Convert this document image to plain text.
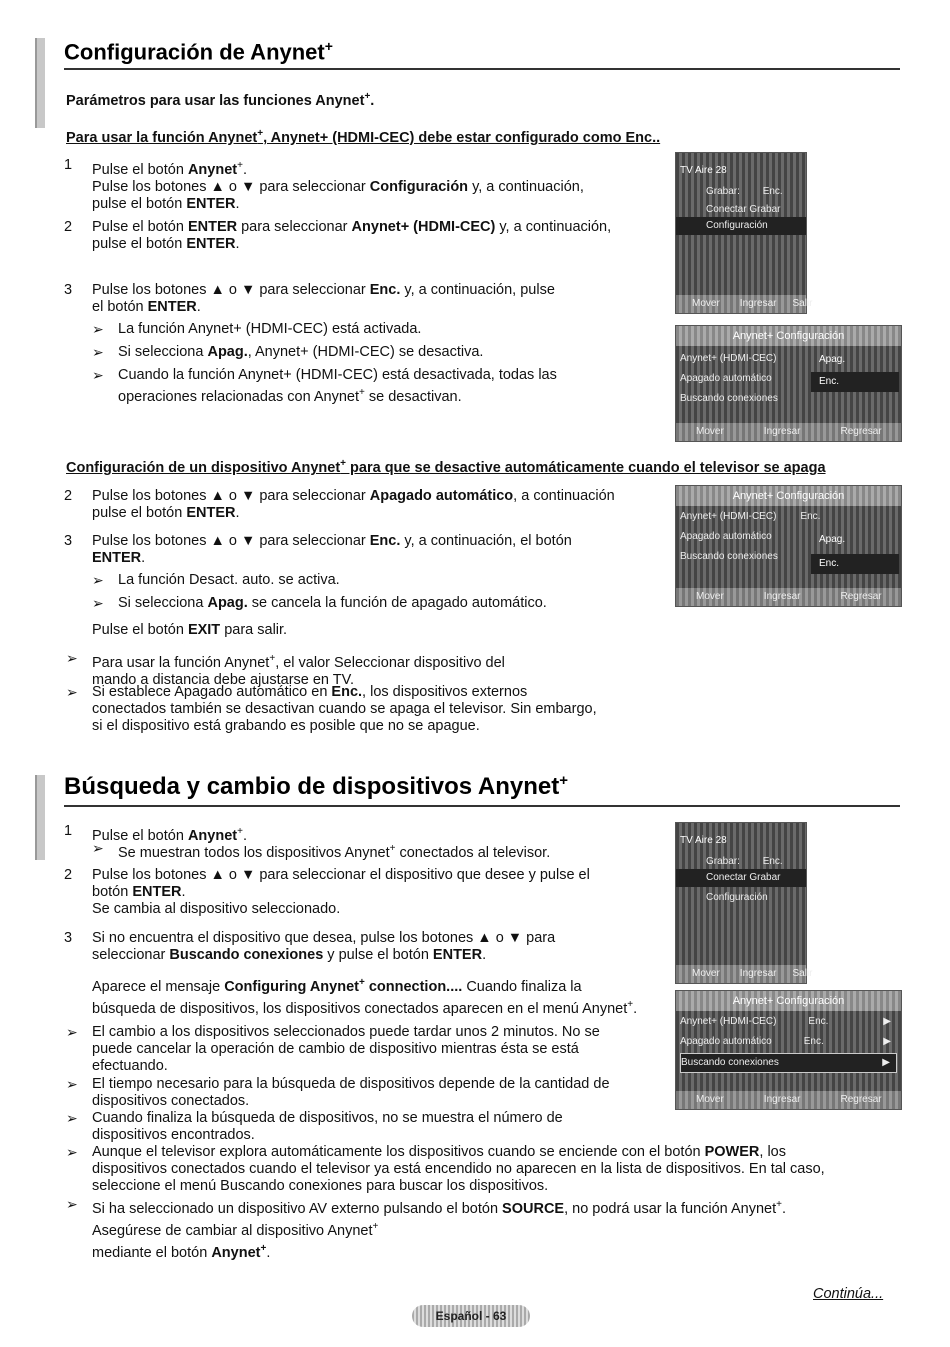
Configuración de Anynet+
Parámetros para usar las funciones Anynet+.
Para usar la función Anynet+, Anynet+ (HDMI-CEC) debe estar configurado como Enc..
1 Pulse el botón Anynet+.
Pulse los botones ▲ o ▼ para seleccionar Configuración y, a continuación,
pulse el botón ENTER.
2 Pulse el botón ENTER para seleccionar Anynet+ (HDMI-CEC) y, a continuación,
pulse el botón ENTER.
3 Pulse los botones ▲ o ▼ para seleccionar Enc. y, a continuación, pulse
el botón ENTER.
➢ La función Anynet+ (HDMI-CEC) está activada.
➢ Si selecciona Apag., Anynet+ (HDMI-CEC) se desactiva.
➢ Cuando la función Anynet+ (HDMI-CEC) está desactivada, todas las
operaciones relacionadas con Anynet+ se desactivan.
TV Aire 28
Grabar: Enc.
Conectar Grabar
Configuración
Mover Ingresar Salir
Anynet+ Configuración
Anynet+ (HDMI-CEC)
Apagado automático
Buscando conexiones
Apag.
Enc.
Mover	Ingresar	Regresar
Configuración de un dispositivo Anynet+ para que se desactive automáticamente cuando el televisor se apaga
2 Pulse los botones ▲ o ▼ para seleccionar Apagado automático, a continuación
pulse el botón ENTER.
3 Pulse los botones ▲ o ▼ para seleccionar Enc. y, a continuación, el botón
ENTER.
➢ La función Desact. auto. se activa.
➢ Si selecciona Apag. se cancela la función de apagado automático.
Pulse el botón EXIT para salir.
➢ Para usar la función Anynet+, el valor Seleccionar dispositivo del
mando a distancia debe ajustarse en TV.
➢ Si establece Apagado automático en Enc., los dispositivos externos
conectados también se desactivan cuando se apaga el televisor. Sin embargo,
si el dispositivo está grabando es posible que no se apague.
Anynet+ Configuración
Anynet+ (HDMI-CEC) Enc.
Apagado automático
Buscando conexiones
Apag.
Enc.
Mover	Ingresar	Regresar
Búsqueda y cambio de dispositivos Anynet+
1 Pulse el botón Anynet+.
➢ Se muestran todos los dispositivos Anynet+ conectados al televisor.
2 Pulse los botones ▲ o ▼ para seleccionar el dispositivo que desee y pulse el
botón ENTER.
Se cambia al dispositivo seleccionado.
3 Si no encuentra el dispositivo que desea, pulse los botones ▲ o ▼ para
seleccionar Buscando conexiones y pulse el botón ENTER.
Aparece el mensaje Configuring Anynet+ connection.... Cuando finaliza la
búsqueda de dispositivos, los dispositivos conectados aparecen en el menú Anynet+.
➢ El cambio a los dispositivos seleccionados puede tardar unos 2 minutos. No se
puede cancelar la operación de cambio de dispositivo mientras ésta se está
efectuando.
➢ El tiempo necesario para la búsqueda de dispositivos depende de la cantidad de
dispositivos conectados.
➢ Cuando finaliza la búsqueda de dispositivos, no se muestra el número de
dispositivos encontrados.
➢ Aunque el televisor explora automáticamente los dispositivos cuando se enciende con el botón POWER, los
dispositivos conectados cuando el televisor ya está encendido no aparecen en la lista de dispositivos. En tal caso,
seleccione el menú Buscando conexiones para buscar los dispositivos.
➢ Si ha seleccionado un dispositivo AV externo pulsando el botón SOURCE, no podrá usar la función Anynet+.
Asegúrese de cambiar al dispositivo Anynet+
mediante el botón Anynet+.
TV Aire 28
Grabar: Enc.
Conectar Grabar
Configuración
Mover Ingresar Salir
Anynet+ Configuración
Anynet+ (HDMI-CEC)	Enc.	▶
Apagado automático	Enc.	▶
Buscando conexiones	▶
Mover	Ingresar	Regresar
Continúa...
Español - 63
